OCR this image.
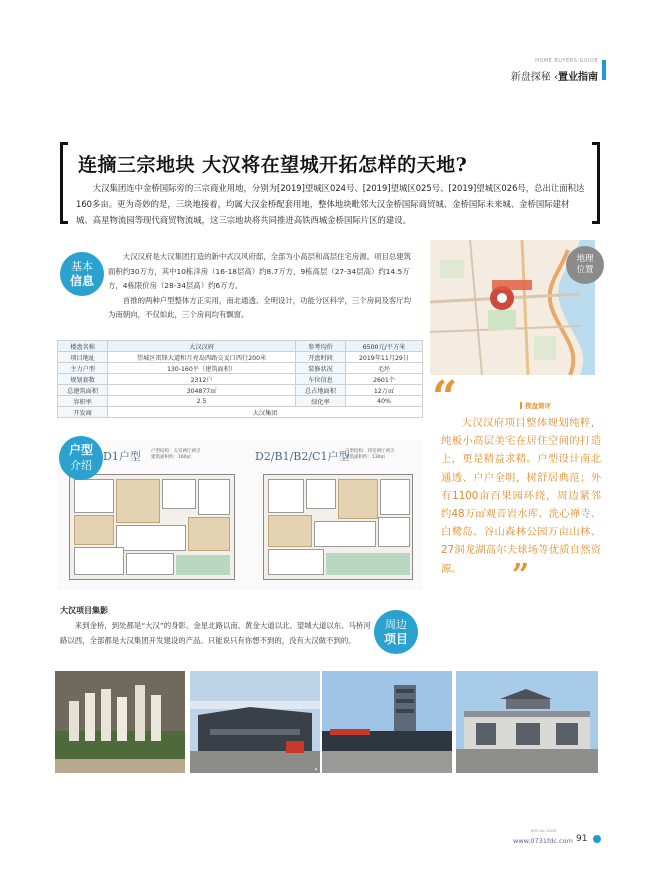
HOME BUYERS GUIDE
新盘探秘 ‹置业指南
连摘三宗地块 大汉将在望城开拓怎样的天地?
大汉集团连中金桥国际旁的三宗商业用地，分别为[2019]望城区024号、[2019]望城区025号、[2019]望城区026号，总出让面积达160多亩。更为奇妙的是，三块地接着，均属大汉金桥配套用地，整体地块毗邻大汉金桥国际商贸城、金桥国际未来城、金桥国际建材城、高星物流园等现代商贸物流城，这三宗地块将共同推进高铁西城金桥国际片区的建设。
基本
信息

大汉汉府是大汉集团打造的新中式汉风府邸，全部为小高层和高层住宅房源。项目总建筑面积约30万方，其中10栋洋房（16-18层高）约8.7万方，9栋高层（27-34层高）约14.5万方，4栋限价房（28-34层高）约6万方。

首推的两种户型整体方正实用，南北通透、全明设计，功能分区科学，三个房间及客厅均为南朝向，不仅如此，三个房间均有飘窗。

楼盘名称	大汉汉府	参考均价	6500元/平方米
项目地址	望城区雷锋大道和月亮岛西路交叉口西行200米	开盘时间	2019年11月29日
主力户型	130-160平（建筑面积）	装修状况	毛坯
规划套数	2312户	车位信息	2601个
总建筑面积	304877㎡	总占地面积	12万㎡
容积率	2.5	绿化率	40%
开发商	大汉集团		
D1户型 户型结构：五室两厅两卫
建筑面积约：160㎡	D2/B1/B2/C1户型
户型结构：四室两厅两卫
建筑面积约：130㎡
户型
介绍
地理
位置
“	探盘简评
大汉汉府项目整体规划纯粹，纯板小高层美宅在居住空间的打造上，更是精益求精。户型设计南北通透、户户全明，树舒居典范；外有1100亩百果园环绕，周边紧邻约48万㎡观音岩水库、洗心禅寺、白鹭岛、谷山森林公园万亩山林、27洞龙湖高尔夫球场等优质自然资源。	”
大汉项目集影
来到金桥，到处都是“大汉”的身影。金星北路以南、黄金大道以北、望城大道以东、马桥河路以西，全部都是大汉集团开发建设的产品。只能说只有你想不到的，没有大汉做不到的。
周边
项目
▪
SPECIAL ISSUE
www.0731fdc.com 91
